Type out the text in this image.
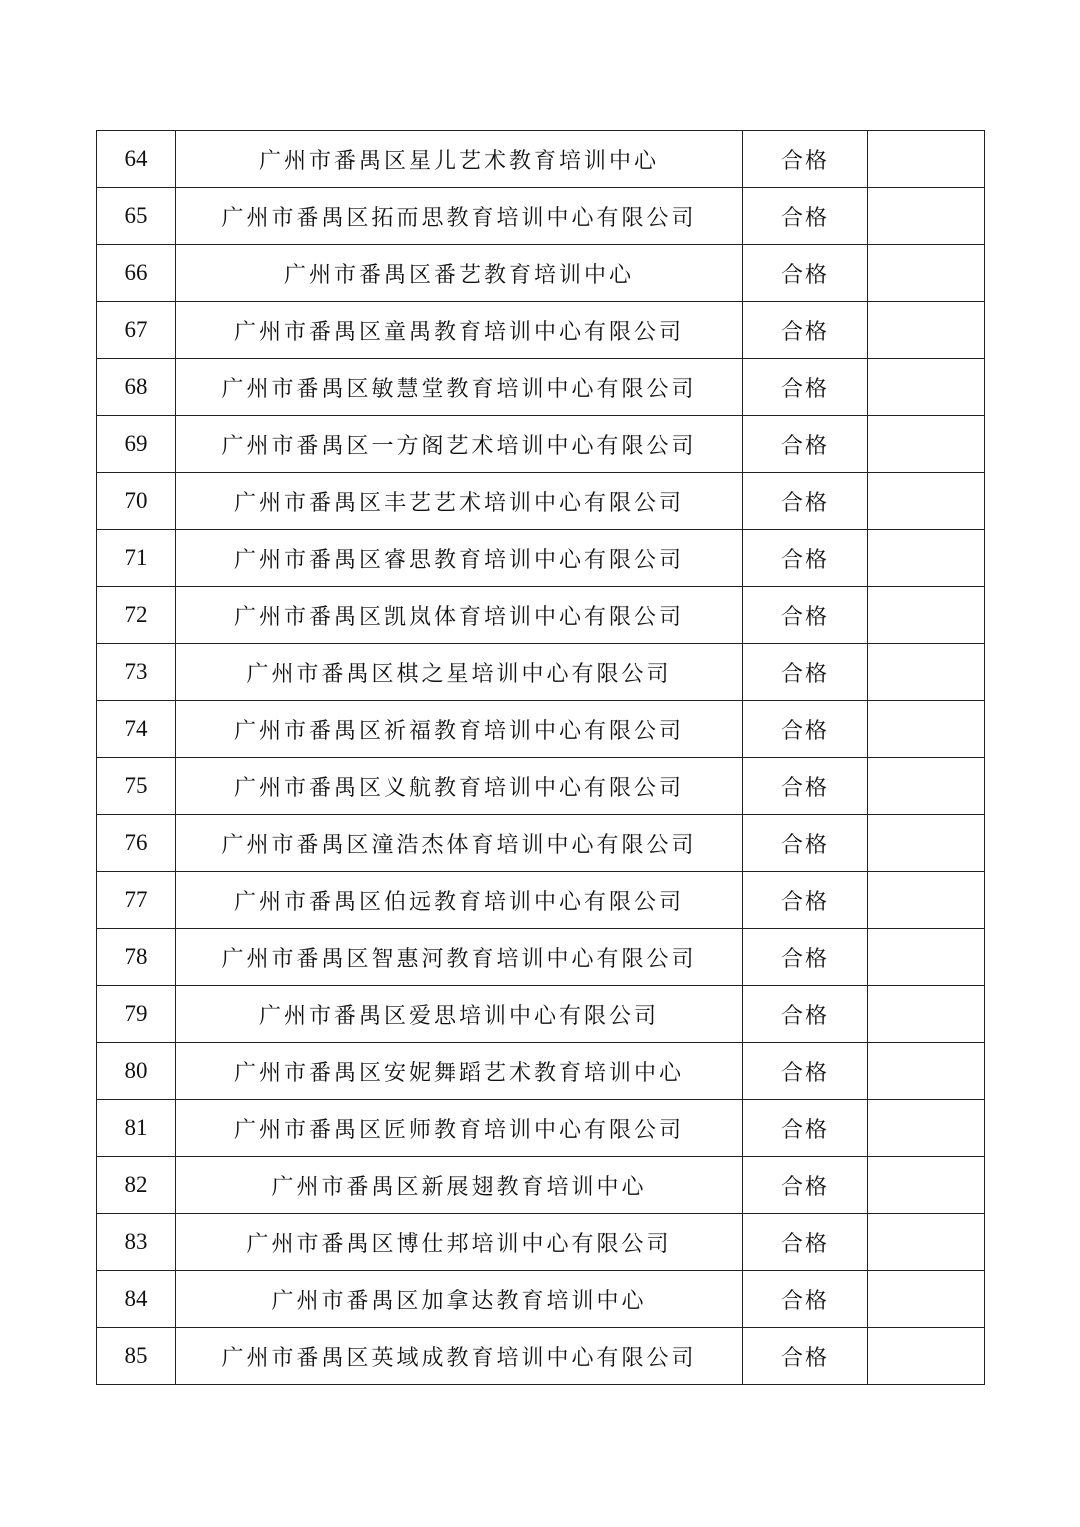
64	广州市番禺区星儿艺术教育培训中心	合格	
65	广州市番禺区拓而思教育培训中心有限公司	合格	
66	广州市番禺区番艺教育培训中心	合格	
67	广州市番禺区童禺教育培训中心有限公司	合格	
68	广州市番禺区敏慧堂教育培训中心有限公司	合格	
69	广州市番禺区一方阁艺术培训中心有限公司	合格	
70	广州市番禺区丰艺艺术培训中心有限公司	合格	
71	广州市番禺区睿思教育培训中心有限公司	合格	
72	广州市番禺区凯岚体育培训中心有限公司	合格	
73	广州市番禺区棋之星培训中心有限公司	合格	
74	广州市番禺区祈福教育培训中心有限公司	合格	
75	广州市番禺区义航教育培训中心有限公司	合格	
76	广州市番禺区潼浩杰体育培训中心有限公司	合格	
77	广州市番禺区伯远教育培训中心有限公司	合格	
78	广州市番禺区智惠河教育培训中心有限公司	合格	
79	广州市番禺区爱思培训中心有限公司	合格	
80	广州市番禺区安妮舞蹈艺术教育培训中心	合格	
81	广州市番禺区匠师教育培训中心有限公司	合格	
82	广州市番禺区新展翅教育培训中心	合格	
83	广州市番禺区博仕邦培训中心有限公司	合格	
84	广州市番禺区加拿达教育培训中心	合格	
85	广州市番禺区英域成教育培训中心有限公司	合格	
